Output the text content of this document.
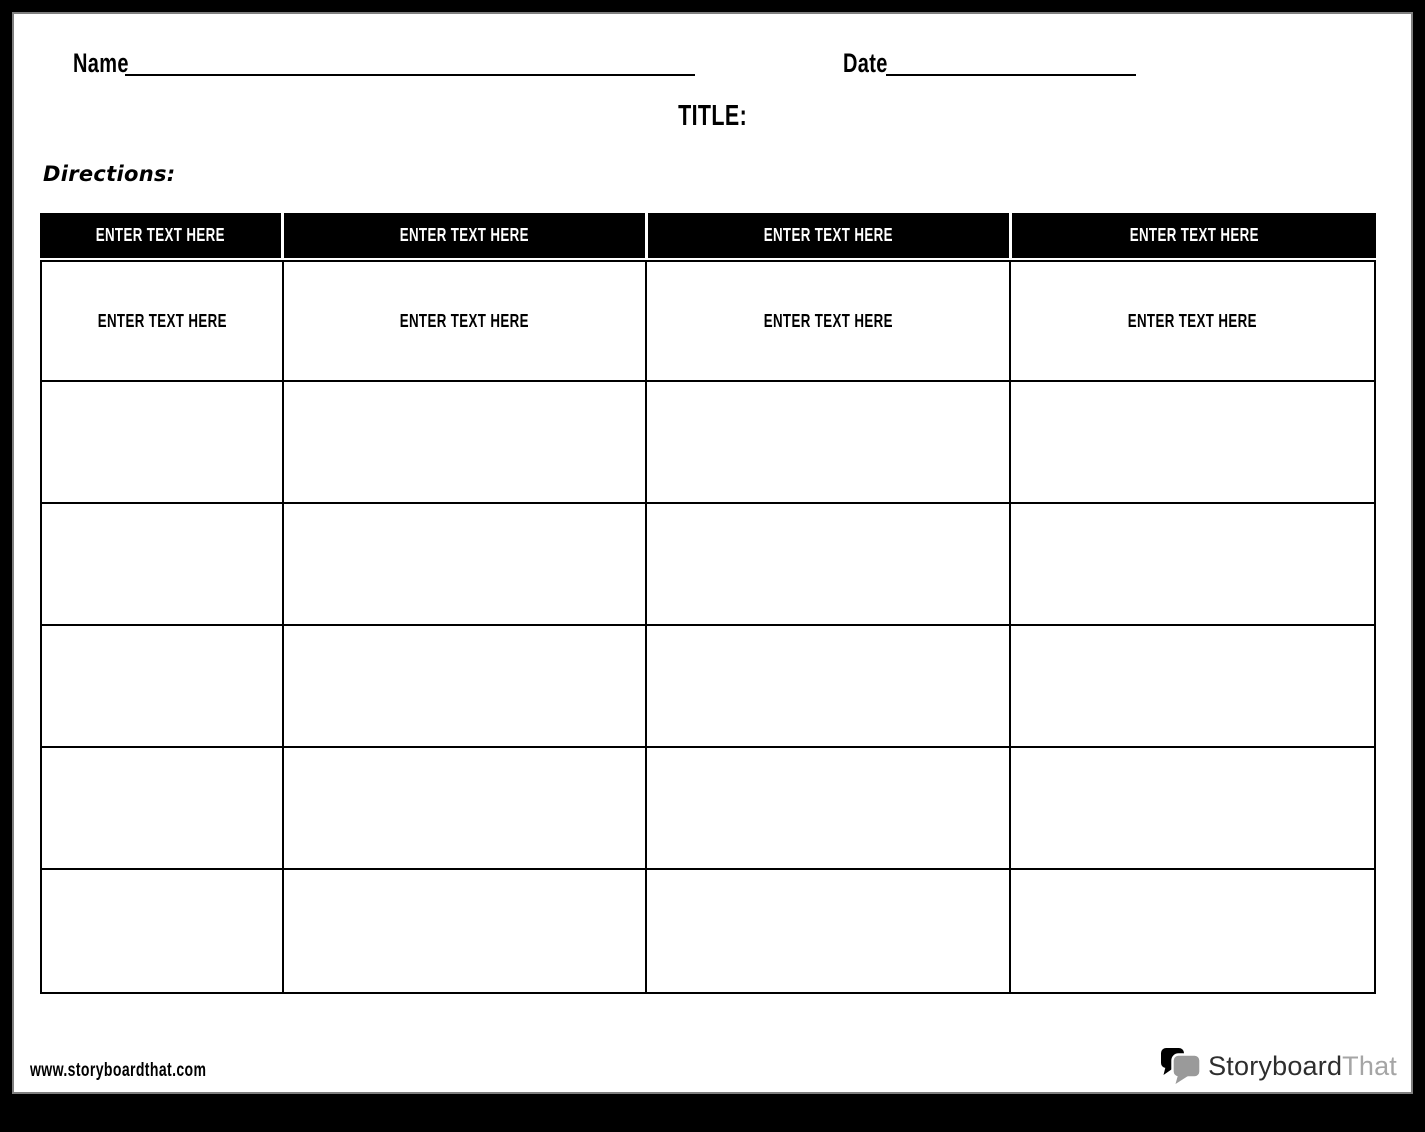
Name	Date
TITLE:
Directions:
ENTER TEXT HERE	ENTER TEXT HERE	ENTER TEXT HERE	ENTER TEXT HERE
ENTER TEXT HERE	ENTER TEXT HERE	ENTER TEXT HERE	ENTER TEXT HERE
www.storyboardthat.com	StoryboardThat
